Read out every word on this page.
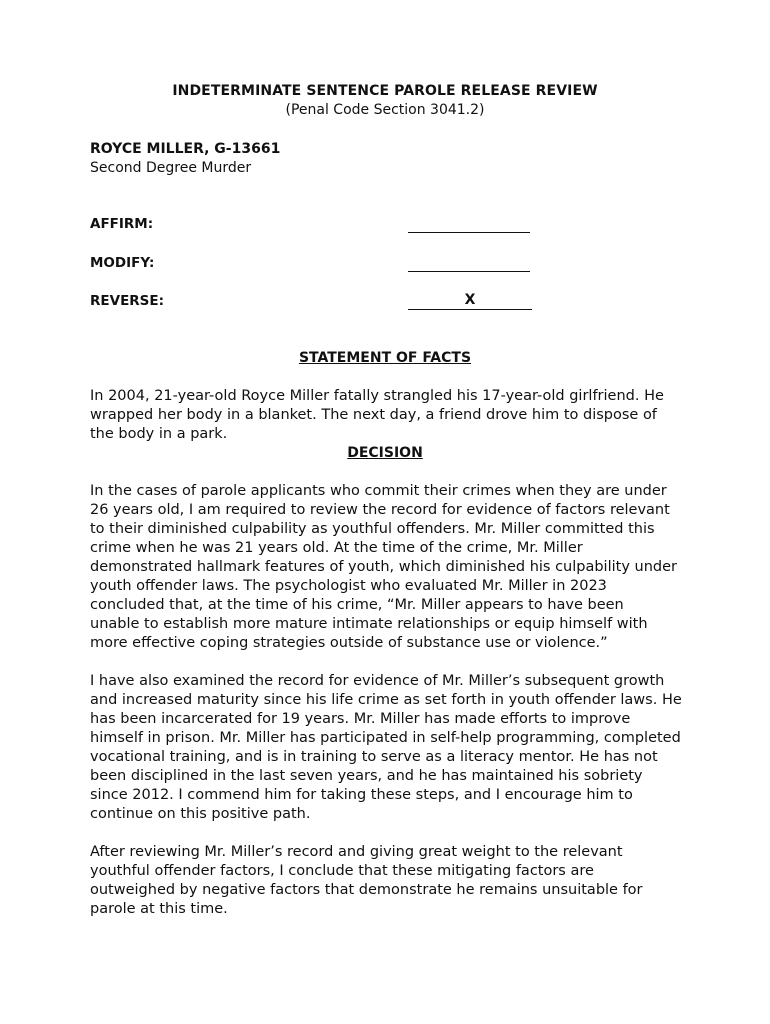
INDETERMINATE SENTENCE PAROLE RELEASE REVIEW
(Penal Code Section 3041.2)
ROYCE MILLER, G-13661
Second Degree Murder
AFFIRM:
MODIFY:
REVERSE:	X
STATEMENT OF FACTS
In 2004, 21-year-old Royce Miller fatally strangled his 17-year-old girlfriend. He
wrapped her body in a blanket. The next day, a friend drove him to dispose of
the body in a park.
DECISION
In the cases of parole applicants who commit their crimes when they are under
26 years old, I am required to review the record for evidence of factors relevant
to their diminished culpability as youthful offenders. Mr. Miller committed this
crime when he was 21 years old. At the time of the crime, Mr. Miller
demonstrated hallmark features of youth, which diminished his culpability under
youth offender laws. The psychologist who evaluated Mr. Miller in 2023
concluded that, at the time of his crime, “Mr. Miller appears to have been
unable to establish more mature intimate relationships or equip himself with
more effective coping strategies outside of substance use or violence.”
I have also examined the record for evidence of Mr. Miller’s subsequent growth
and increased maturity since his life crime as set forth in youth offender laws. He
has been incarcerated for 19 years. Mr. Miller has made efforts to improve
himself in prison. Mr. Miller has participated in self-help programming, completed
vocational training, and is in training to serve as a literacy mentor. He has not
been disciplined in the last seven years, and he has maintained his sobriety
since 2012. I commend him for taking these steps, and I encourage him to
continue on this positive path.
After reviewing Mr. Miller’s record and giving great weight to the relevant
youthful offender factors, I conclude that these mitigating factors are
outweighed by negative factors that demonstrate he remains unsuitable for
parole at this time.
